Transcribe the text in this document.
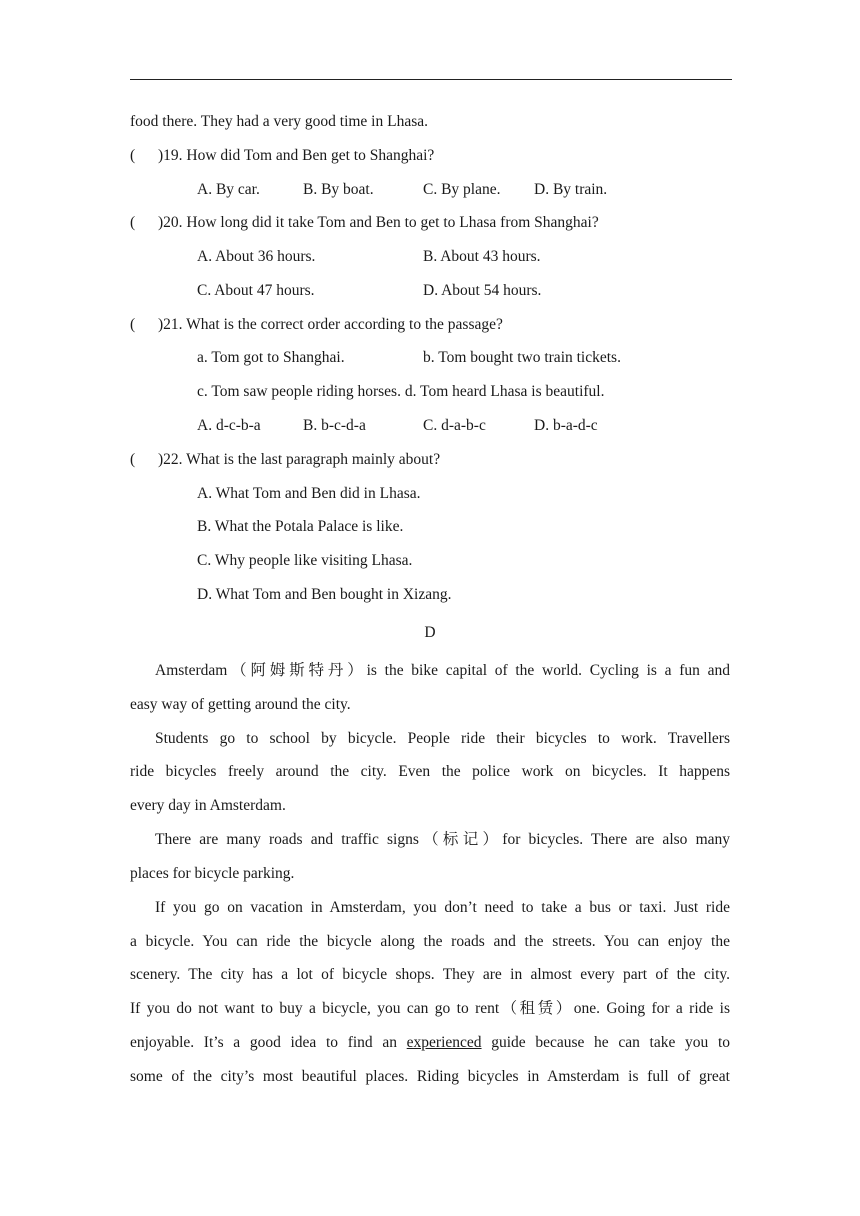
food there. They had a very good time in Lhasa.
( )19. How did Tom and Ben get to Shanghai?
A. By car.	B. By boat.	C. By plane. D. By train.
( )20. How long did it take Tom and Ben to get to Lhasa from Shanghai?
A. About 36 hours.	B. About 43 hours.
C. About 47 hours.	D. About 54 hours.
( )21. What is the correct order according to the passage?
a. Tom got to Shanghai.	b. Tom bought two train tickets.
c. Tom saw people riding horses. d. Tom heard Lhasa is beautiful.
A. d-c-b-a	B. b-c-d-a	C. d-a-b-c	D. b-a-d-c
( )22. What is the last paragraph mainly about?
A. What Tom and Ben did in Lhasa.
B. What the Potala Palace is like.
C. Why people like visiting Lhasa.
D. What Tom and Ben bought in Xizang.
D
Amsterdam（阿姆斯特丹）is the bike capital of the world. Cycling is a fun and
easy way of getting around the city.
Students go to school by bicycle. People ride their bicycles to work. Travellers
ride bicycles freely around the city. Even the police work on bicycles. It happens
every day in Amsterdam.
There are many roads and traffic signs（标记）for bicycles. There are also many
places for bicycle parking.
If you go on vacation in Amsterdam, you don’t need to take a bus or taxi. Just ride
a bicycle. You can ride the bicycle along the roads and the streets. You can enjoy the
scenery. The city has a lot of bicycle shops. They are in almost every part of the city.
If you do not want to buy a bicycle, you can go to rent（租赁）one. Going for a ride is
enjoyable. It’s a good idea to find an experienced guide because he can take you to
some of the city’s most beautiful places. Riding bicycles in Amsterdam is full of great
